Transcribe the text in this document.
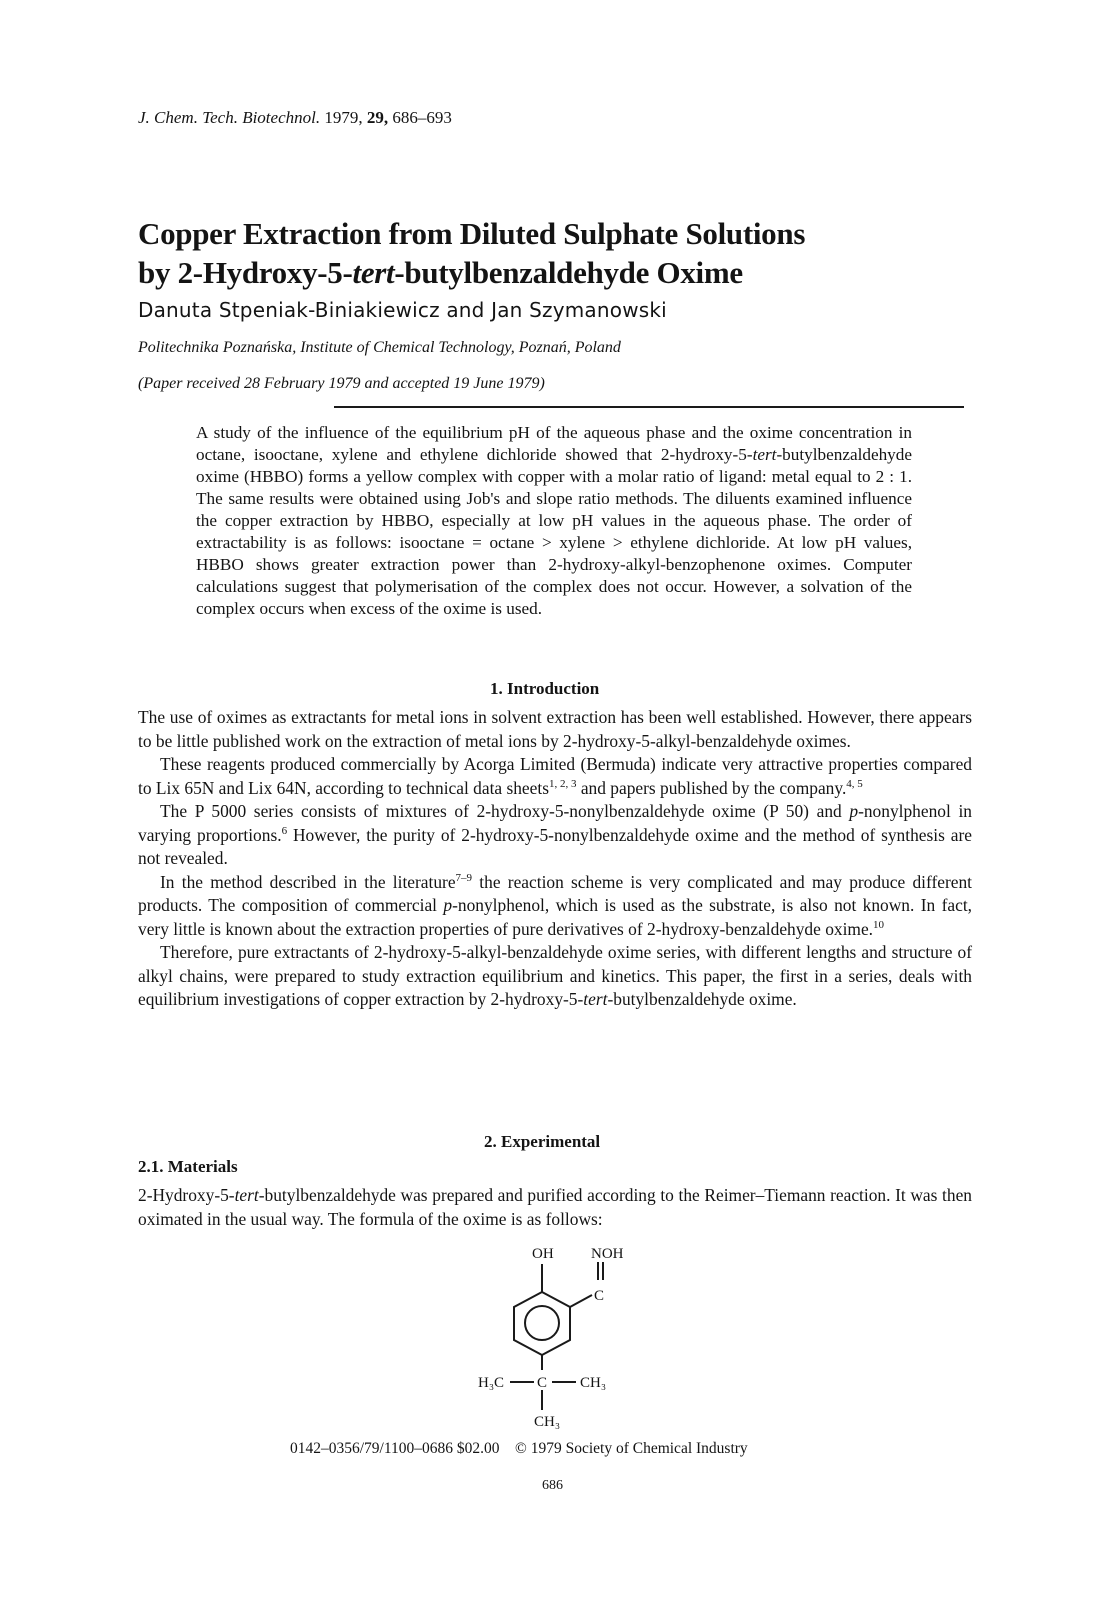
J. Chem. Tech. Biotechnol. 1979, 29, 686–693
Copper Extraction from Diluted Sulphate Solutions
by 2-Hydroxy-5-tert-butylbenzaldehyde Oxime
Danuta Stpeniak-Biniakiewicz and Jan Szymanowski
Politechnika Poznańska, Institute of Chemical Technology, Poznań, Poland
(Paper received 28 February 1979 and accepted 19 June 1979)

A study of the influence of the equilibrium pH of the aqueous phase and the oxime concentration in octane, isooctane, xylene and ethylene dichloride showed that 2-hydroxy-5-tert-butylbenzaldehyde oxime (HBBO) forms a yellow complex with copper with a molar ratio of ligand: metal equal to 2 : 1. The same results were obtained using Job's and slope ratio methods. The diluents examined influence the copper extraction by HBBO, especially at low pH values in the aqueous phase. The order of extractability is as follows: isooctane = octane > xylene > ethylene dichloride. At low pH values, HBBO shows greater extraction power than 2-hydroxy-alkyl-benzophenone oximes. Computer calculations suggest that polymerisation of the complex does not occur. However, a solvation of the complex occurs when excess of the oxime is used.

1. Introduction

The use of oximes as extractants for metal ions in solvent extraction has been well established. However, there appears to be little published work on the extraction of metal ions by 2-hydroxy-5-alkyl-benzaldehyde oximes.

These reagents produced commercially by Acorga Limited (Bermuda) indicate very attractive properties compared to Lix 65N and Lix 64N, according to technical data sheets$^{1, 2, 3}$ and papers published by the company.$^{4, 5}$

The P 5000 series consists of mixtures of 2-hydroxy-5-nonylbenzaldehyde oxime (P 50) and p-nonylphenol in varying proportions.$^6$ However, the purity of 2-hydroxy-5-nonylbenzaldehyde oxime and the method of synthesis are not revealed.

In the method described in the literature$^{7-9}$ the reaction scheme is very complicated and may produce different products. The composition of commercial p-nonylphenol, which is used as the substrate, is also not known. In fact, very little is known about the extraction properties of pure derivatives of 2-hydroxy-benzaldehyde oxime.$^{10}$

Therefore, pure extractants of 2-hydroxy-5-alkyl-benzaldehyde oxime series, with different lengths and structure of alkyl chains, were prepared to study extraction equilibrium and kinetics. This paper, the first in a series, deals with equilibrium investigations of copper extraction by 2-hydroxy-5-tert-butylbenzaldehyde oxime.

2. Experimental
2.1. Materials

2-Hydroxy-5-tert-butylbenzaldehyde was prepared and purified according to the Reimer–Tiemann reaction. It was then oximated in the usual way. The formula of the oxime is as follows:

OH NOH
C
H₃C C CH₃
CH₃
0142–0356/79/1100–0686 $02.00 © 1979 Society of Chemical Industry
686
